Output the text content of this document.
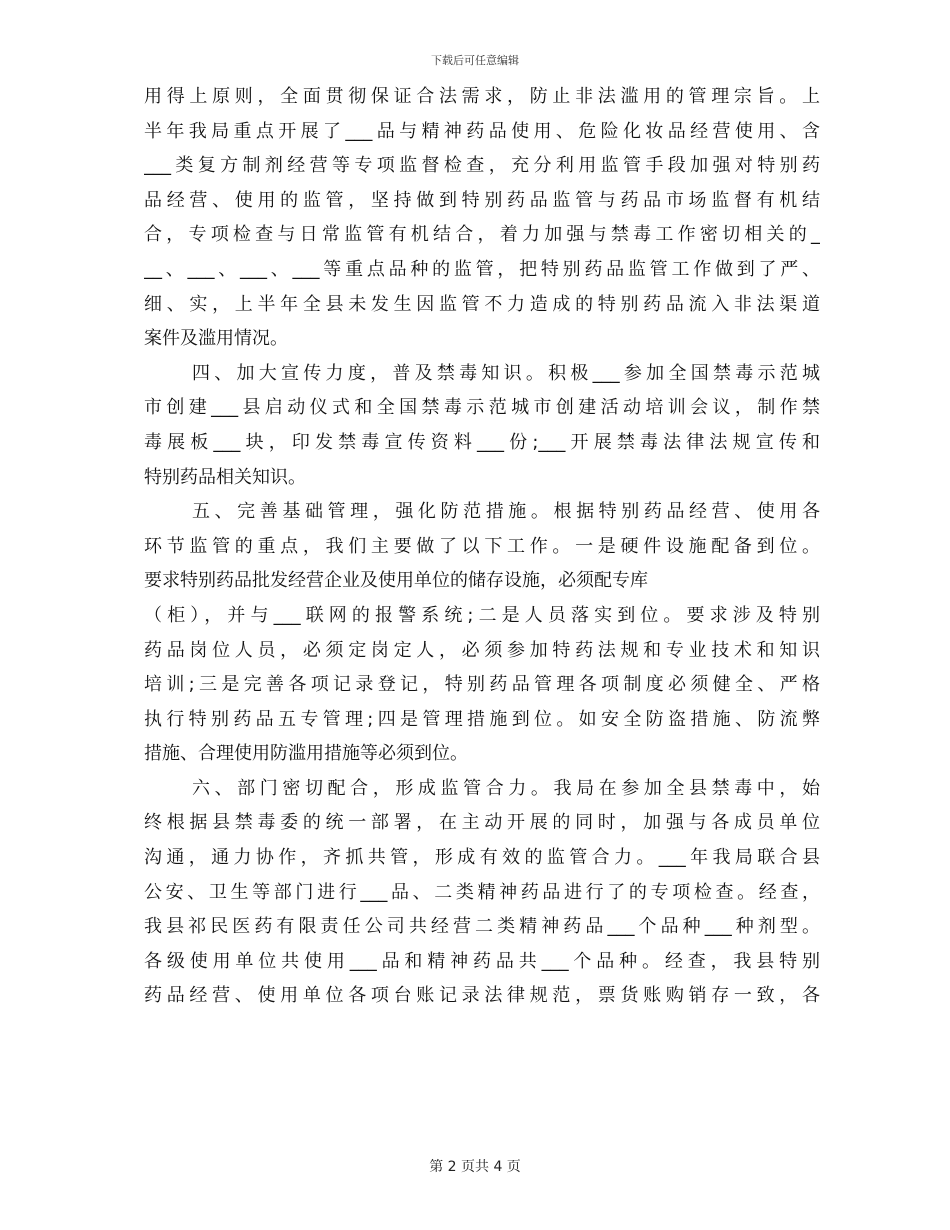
下载后可任意编辑
用得上原则，全面贯彻保证合法需求，防止非法滥用的管理宗旨。上
半年我局重点开展了___品与精神药品使用、危险化妆品经营使用、含
___类复方制剂经营等专项监督检查，充分利用监管手段加强对特别药
品经营、使用的监管，坚持做到特别药品监管与药品市场监督有机结
合，专项检查与日常监管有机结合，着力加强与禁毒工作密切相关的_
__、___、___、___等重点品种的监管，把特别药品监管工作做到了严、
细、实，上半年全县未发生因监管不力造成的特别药品流入非法渠道
案件及滥用情况。
四、加大宣传力度，普及禁毒知识。积极___参加全国禁毒示范城
市创建___县启动仪式和全国禁毒示范城市创建活动培训会议，制作禁
毒展板___块，印发禁毒宣传资料___份;___开展禁毒法律法规宣传和
特别药品相关知识。
五、完善基础管理，强化防范措施。根据特别药品经营、使用各
环节监管的重点，我们主要做了以下工作。一是硬件设施配备到位。
要求特别药品批发经营企业及使用单位的储存设施，必须配专库
（柜），并与___联网的报警系统;二是人员落实到位。要求涉及特别
药品岗位人员，必须定岗定人，必须参加特药法规和专业技术和知识
培训;三是完善各项记录登记，特别药品管理各项制度必须健全、严格
执行特别药品五专管理;四是管理措施到位。如安全防盗措施、防流弊
措施、合理使用防滥用措施等必须到位。
六、部门密切配合，形成监管合力。我局在参加全县禁毒中，始
终根据县禁毒委的统一部署，在主动开展的同时，加强与各成员单位
沟通，通力协作，齐抓共管，形成有效的监管合力。___年我局联合县
公安、卫生等部门进行___品、二类精神药品进行了的专项检查。经查，
我县祁民医药有限责任公司共经营二类精神药品___个品种___种剂型。
各级使用单位共使用___品和精神药品共___个品种。经查，我县特别
药品经营、使用单位各项台账记录法律规范，票货账购销存一致，各
第 2 页共 4 页
